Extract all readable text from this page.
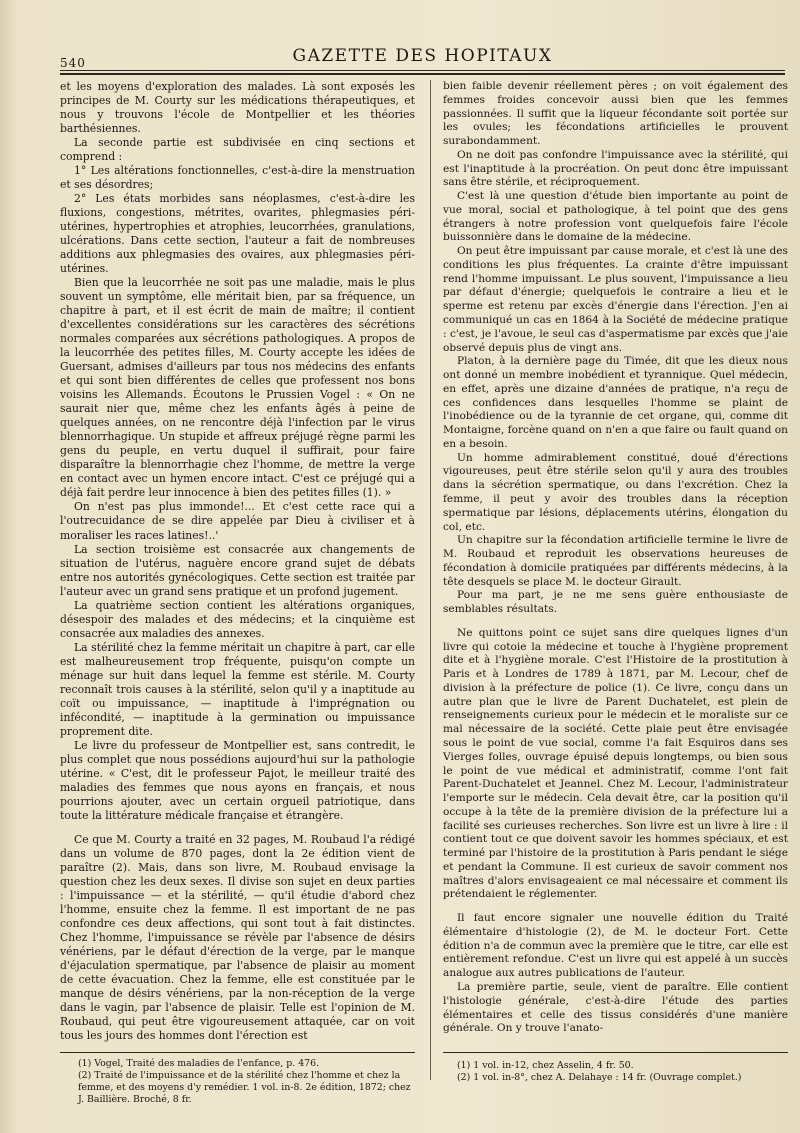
540	GAZETTE DES HOPITAUX

et les moyens d'exploration des malades. Là sont exposés les principes de M. Courty sur les médications thérapeutiques, et nous y trouvons l'école de Montpellier et les théories barthésiennes.

La seconde partie est subdivisée en cinq sections et comprend :

1° Les altérations fonctionnelles, c'est-à-dire la menstruation et ses désordres;

2° Les états morbides sans néoplasmes, c'est-à-dire les fluxions, congestions, métrites, ovarites, phlegmasies péri-utérines, hypertrophies et atrophies, leucorrhées, granulations, ulcérations. Dans cette section, l'auteur a fait de nombreuses additions aux phlegmasies des ovaires, aux phlegmasies péri-utérines.

Bien que la leucorrhée ne soit pas une maladie, mais le plus souvent un symptôme, elle méritait bien, par sa fréquence, un chapitre à part, et il est écrit de main de maître; il contient d'excellentes considérations sur les caractères des sécrétions normales comparées aux sécrétions pathologiques. A propos de la leucorrhée des petites filles, M. Courty accepte les idées de Guersant, admises d'ailleurs par tous nos médecins des enfants et qui sont bien différentes de celles que professent nos bons voisins les Allemands. Écoutons le Prussien Vogel : « On ne saurait nier que, même chez les enfants âgés à peine de quelques années, on ne rencontre déjà l'infection par le virus blennorrhagique. Un stupide et affreux préjugé règne parmi les gens du peuple, en vertu duquel il suffirait, pour faire disparaître la blennorrhagie chez l'homme, de mettre la verge en contact avec un hymen encore intact. C'est ce préjugé qui a déjà fait perdre leur innocence à bien des petites filles (1). »

On n'est pas plus immonde!... Et c'est cette race qui a l'outrecuidance de se dire appelée par Dieu à civiliser et à moraliser les races latines!..'

La section troisième est consacrée aux changements de situation de l'utérus, naguère encore grand sujet de débats entre nos autorités gynécologiques. Cette section est traitée par l'auteur avec un grand sens pratique et un profond jugement.

La quatrième section contient les altérations organiques, désespoir des malades et des médecins; et la cinquième est consacrée aux maladies des annexes.

La stérilité chez la femme méritait un chapitre à part, car elle est malheureusement trop fréquente, puisqu'on compte un ménage sur huit dans lequel la femme est stérile. M. Courty reconnaît trois causes à la stérilité, selon qu'il y a inaptitude au coït ou impuissance, — inaptitude à l'imprégnation ou infécondité, — inaptitude à la germination ou impuissance proprement dite.

Le livre du professeur de Montpellier est, sans contredit, le plus complet que nous possédions aujourd'hui sur la pathologie utérine. « C'est, dit le professeur Pajot, le meilleur traité des maladies des femmes que nous ayons en français, et nous pourrions ajouter, avec un certain orgueil patriotique, dans toute la littérature médicale française et étrangère.

Ce que M. Courty a traité en 32 pages, M. Roubaud l'a rédigé dans un volume de 870 pages, dont la 2e édition vient de paraître (2). Mais, dans son livre, M. Roubaud envisage la question chez les deux sexes. Il divise son sujet en deux parties : l'impuissance — et la stérilité, — qu'il étudie d'abord chez l'homme, ensuite chez la femme. Il est important de ne pas confondre ces deux affections, qui sont tout à fait distinctes. Chez l'homme, l'impuissance se révèle par l'absence de désirs vénériens, par le défaut d'érection de la verge, par le manque d'éjaculation spermatique, par l'absence de plaisir au moment de cette évacuation. Chez la femme, elle est constituée par le manque de désirs vénériens, par la non-réception de la verge dans le vagin, par l'absence de plaisir. Telle est l'opinion de M. Roubaud, qui peut être vigoureusement attaquée, car on voit tous les jours des hommes dont l'érection est

bien faible devenir réellement pères ; on voit également des femmes froides concevoir aussi bien que les femmes passionnées. Il suffit que la liqueur fécondante soit portée sur les ovules; les fécondations artificielles le prouvent surabondamment.

On ne doit pas confondre l'impuissance avec la stérilité, qui est l'inaptitude à la procréation. On peut donc être impuissant sans être stérile, et réciproquement.

C'est là une question d'étude bien importante au point de vue moral, social et pathologique, à tel point que des gens étrangers à notre profession vont quelquefois faire l'école buissonnière dans le domaine de la médecine.

On peut être impuissant par cause morale, et c'est là une des conditions les plus fréquentes. La crainte d'être impuissant rend l'homme impuissant. Le plus souvent, l'impuissance a lieu par défaut d'énergie; quelquefois le contraire a lieu et le sperme est retenu par excès d'énergie dans l'érection. J'en ai communiqué un cas en 1864 à la Société de médecine pratique : c'est, je l'avoue, le seul cas d'aspermatisme par excès que j'aie observé depuis plus de vingt ans.

Platon, à la dernière page du Timée, dit que les dieux nous ont donné un membre inobédient et tyrannique. Quel médecin, en effet, après une dizaine d'années de pratique, n'a reçu de ces confidences dans lesquelles l'homme se plaint de l'inobédience ou de la tyrannie de cet organe, qui, comme dit Montaigne, forcène quand on n'en a que faire ou fault quand on en a besoin.

Un homme admirablement constitué, doué d'érections vigoureuses, peut être stérile selon qu'il y aura des troubles dans la sécrétion spermatique, ou dans l'excrétion. Chez la femme, il peut y avoir des troubles dans la réception spermatique par lésions, déplacements utérins, élongation du col, etc.

Un chapitre sur la fécondation artificielle termine le livre de M. Roubaud et reproduit les observations heureuses de fécondation à domicile pratiquées par différents médecins, à la tête desquels se place M. le docteur Girault.

Pour ma part, je ne me sens guère enthousiaste de semblables résultats.

Ne quittons point ce sujet sans dire quelques lignes d'un livre qui cotoie la médecine et touche à l'hygiène proprement dite et à l'hygiène morale. C'est l'Histoire de la prostitution à Paris et à Londres de 1789 à 1871, par M. Lecour, chef de division à la préfecture de police (1). Ce livre, conçu dans un autre plan que le livre de Parent Duchatelet, est plein de renseignements curieux pour le médecin et le moraliste sur ce mal nécessaire de la société. Cette plaie peut être envisagée sous le point de vue social, comme l'a fait Esquiros dans ses Vierges folles, ouvrage épuisé depuis longtemps, ou bien sous le point de vue médical et administratif, comme l'ont fait Parent-Duchatelet et Jeannel. Chez M. Lecour, l'administrateur l'emporte sur le médecin. Cela devait être, car la position qu'il occupe à la tête de la première division de la préfecture lui a facilité ses curieuses recherches. Son livre est un livre à lire : il contient tout ce que doivent savoir les hommes spéciaux, et est terminé par l'histoire de la prostitution à Paris pendant le siége et pendant la Commune. Il est curieux de savoir comment nos maîtres d'alors envisageaient ce mal nécessaire et comment ils prétendaient le réglementer.

Il faut encore signaler une nouvelle édition du Traité élémentaire d'histologie (2), de M. le docteur Fort. Cette édition n'a de commun avec la première que le titre, car elle est entièrement refondue. C'est un livre qui est appelé à un succès analogue aux autres publications de l'auteur.

La première partie, seule, vient de paraître. Elle contient l'histologie générale, c'est-à-dire l'étude des parties élémentaires et celle des tissus considérés d'une manière générale. On y trouve l'anato-

(1) Vogel, Traité des maladies de l'enfance, p. 476.

(2) Traité de l'impuissance et de la stérilité chez l'homme et chez la femme, et des moyens d'y remédier. 1 vol. in-8. 2e édition, 1872; chez J. Baillière. Broché, 8 fr.

(1) 1 vol. in-12, chez Asselin, 4 fr. 50.

(2) 1 vol. in-8°, chez A. Delahaye : 14 fr. (Ouvrage complet.)
